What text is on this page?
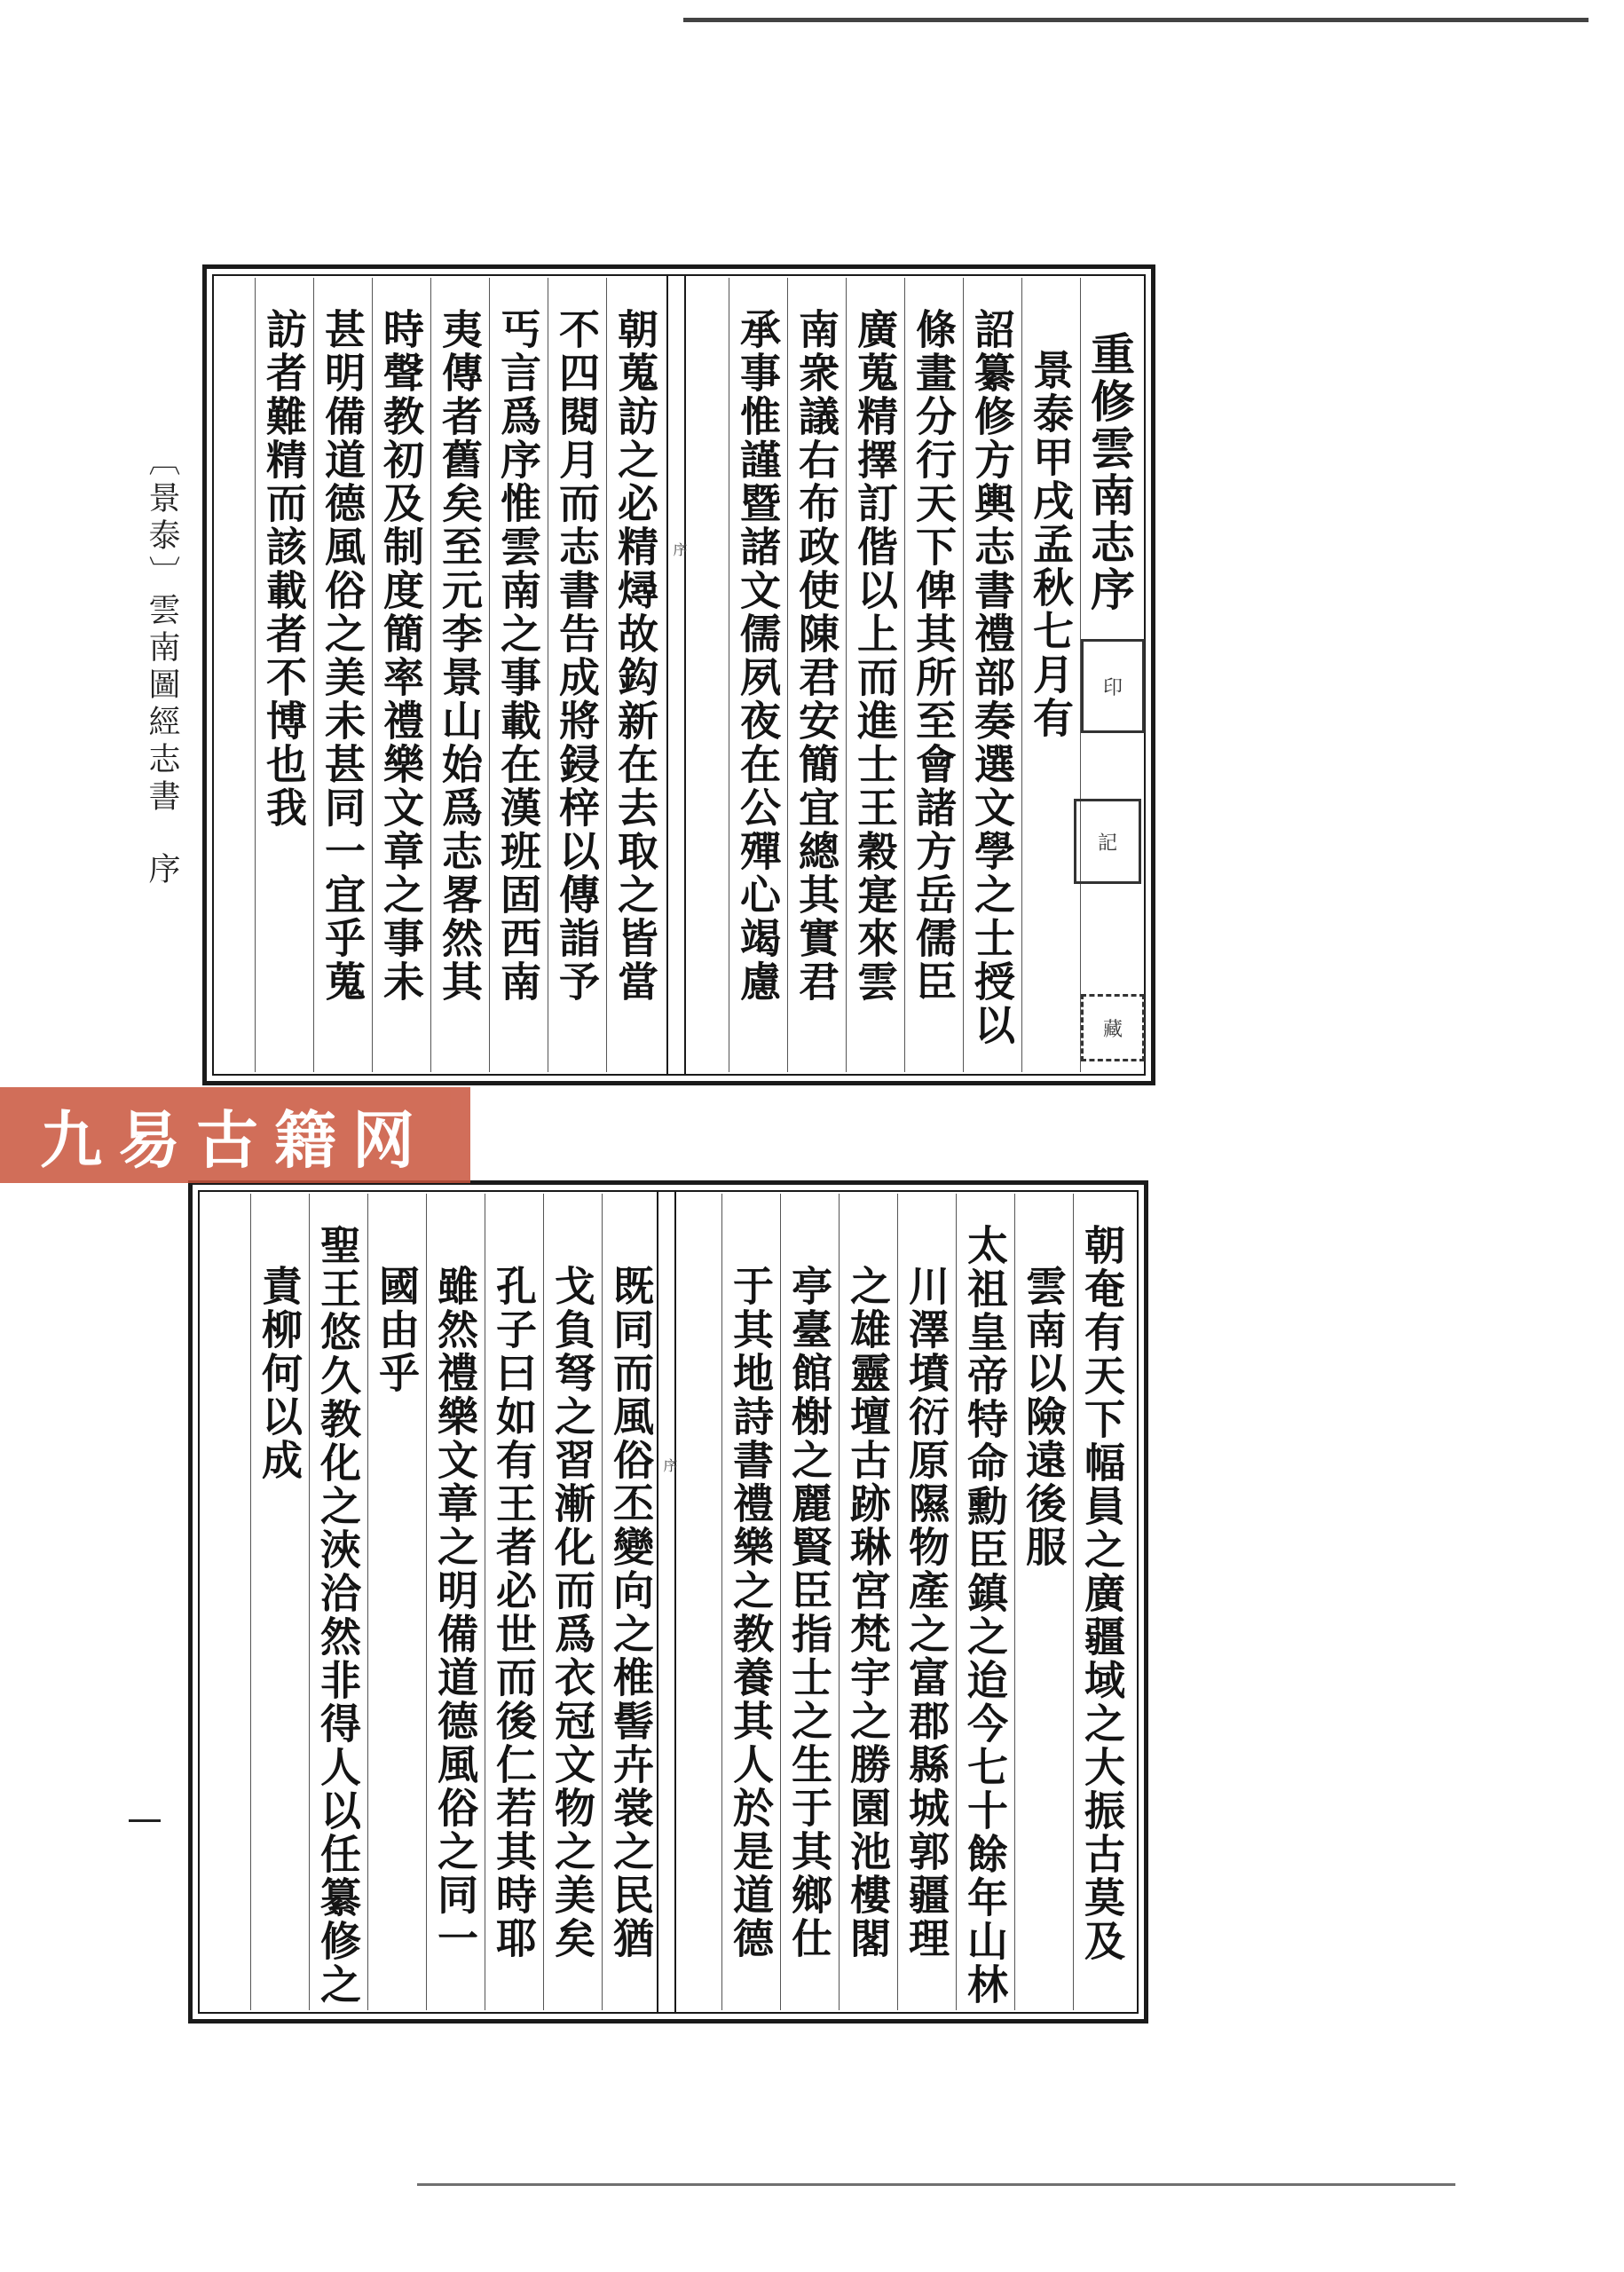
〔景泰〕雲南圖經志書序
重修雲南志序
景泰甲戌孟秋七月有
詔纂修方輿志書禮部奏選文學之士授以
條畫分行天下俾其所至會諸方岳儒臣
廣蒐精擇訂偕以上而進士王穀寔來雲
南衆議右布政使陳君安簡宜總其實君
承事惟謹暨諸文儒夙夜在公殫心竭慮
序
朝蒐訪之必精燖故鈎新在去取之皆當
不四閱月而志書告成將鋟梓以傳詣予
丐言爲序惟雲南之事載在漢班固西南
夷傳者舊矣至元李景山始爲志畧然其
時聲教初及制度簡率禮樂文章之事未
甚明備道德風俗之美未甚同一宜乎蒐
訪者難精而該載者不博也我	印
記
藏
朝奄有天下幅員之廣疆域之大振古莫及
雲南以險遠後服
太祖皇帝特命勳臣鎮之迨今七十餘年山林
川澤墳衍原隰物產之富郡縣城郭疆理
之雄靈壇古跡琳宮梵宇之勝園池樓閣
亭臺館榭之麗賢臣指士之生于其鄉仕
于其地詩書禮樂之教養其人於是道德
序
既同而風俗丕變向之椎髻卉裳之民猶
戈負弩之習漸化而爲衣冠文物之美矣
孔子曰如有王者必世而後仁若其時耶
雖然禮樂文章之明備道德風俗之同一
國由乎
聖王悠久教化之浹洽然非得人以任纂修之
責柳何以成
九易古籍网
